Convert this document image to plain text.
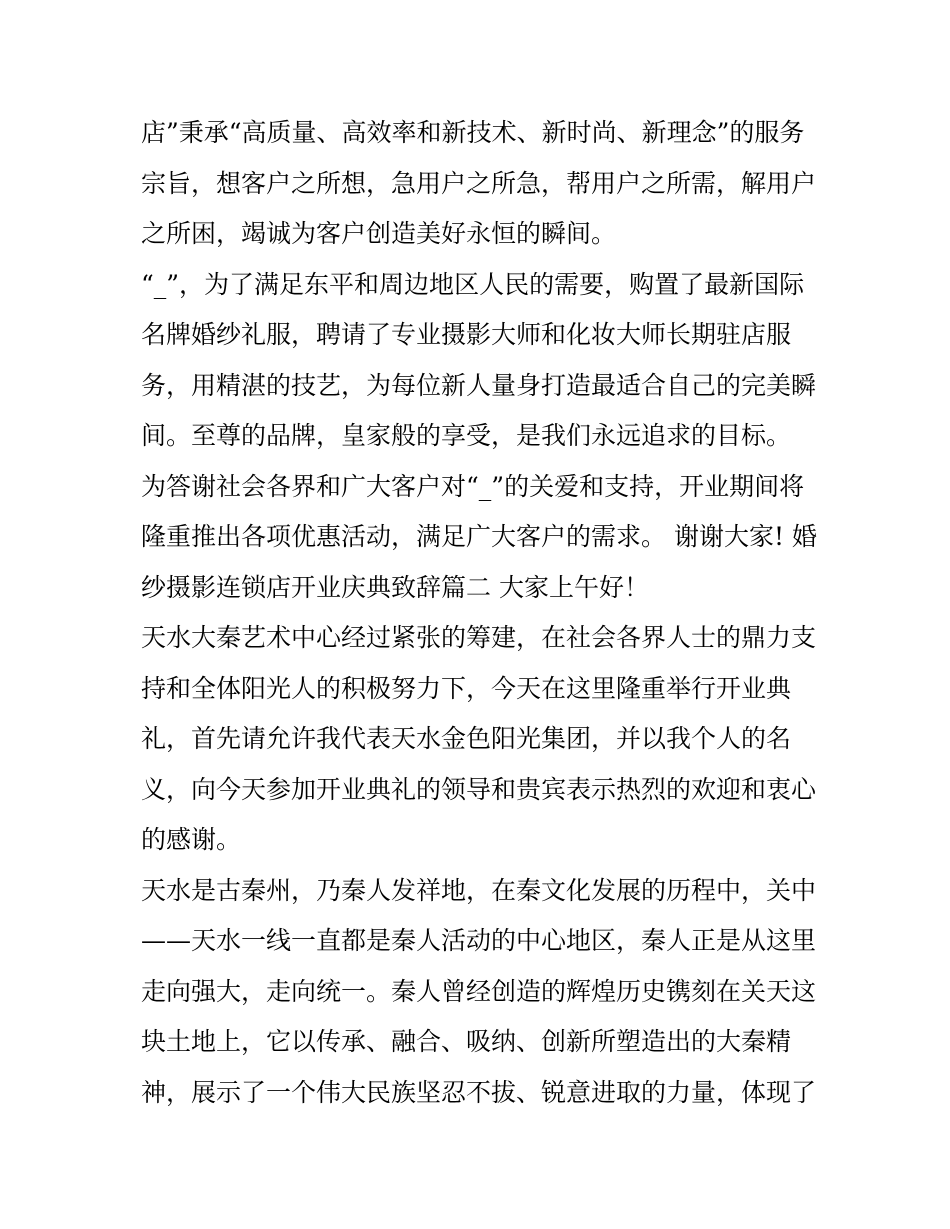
店”秉承“高质量、高效率和新技术、新时尚、新理念”的服务
宗旨，想客户之所想，急用户之所急，帮用户之所需，解用户
之所困，竭诚为客户创造美好永恒的瞬间。
“_”，为了满足东平和周边地区人民的需要，购置了最新国际
名牌婚纱礼服，聘请了专业摄影大师和化妆大师长期驻店服
务，用精湛的技艺，为每位新人量身打造最适合自己的完美瞬
间。至尊的品牌，皇家般的享受，是我们永远追求的目标。
为答谢社会各界和广大客户对“_”的关爱和支持，开业期间将
隆重推出各项优惠活动，满足广大客户的需求。 谢谢大家! 婚
纱摄影连锁店开业庆典致辞篇二 大家上午好！
天水大秦艺术中心经过紧张的筹建，在社会各界人士的鼎力支
持和全体阳光人的积极努力下，今天在这里隆重举行开业典
礼，首先请允许我代表天水金色阳光集团，并以我个人的名
义，向今天参加开业典礼的领导和贵宾表示热烈的欢迎和衷心
的感谢。
天水是古秦州，乃秦人发祥地，在秦文化发展的历程中，关中
——天水一线一直都是秦人活动的中心地区，秦人正是从这里
走向强大，走向统一。秦人曾经创造的辉煌历史镌刻在关天这
块土地上，它以传承、融合、吸纳、创新所塑造出的大秦精
神，展示了一个伟大民族坚忍不拔、锐意进取的力量，体现了
